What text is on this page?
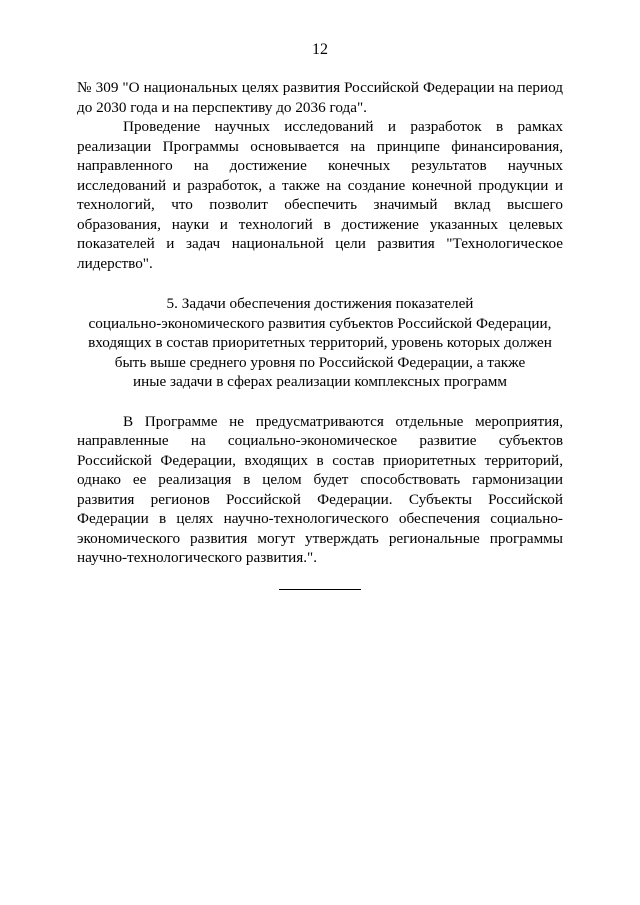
12

№ 309 "О национальных целях развития Российской Федерации на период до 2030 года и на перспективу до 2036 года".

Проведение научных исследований и разработок в рамках реализации Программы основывается на принципе финансирования, направленного на достижение конечных результатов научных исследований и разработок, а также на создание конечной продукции и технологий, что позволит обеспечить значимый вклад высшего образования, науки и технологий в достижение указанных целевых показателей и задач национальной цели развития "Технологическое лидерство".

5. Задачи обеспечения достижения показателей
социально-экономического развития субъектов Российской Федерации,
входящих в состав приоритетных территорий, уровень которых должен
быть выше среднего уровня по Российской Федерации, а также
иные задачи в сферах реализации комплексных программ

В Программе не предусматриваются отдельные мероприятия, направленные на социально-экономическое развитие субъектов Российской Федерации, входящих в состав приоритетных территорий, однако ее реализация в целом будет способствовать гармонизации развития регионов Российской Федерации. Субъекты Российской Федерации в целях научно-технологического обеспечения социально-экономического развития могут утверждать региональные программы научно-технологического развития.".
